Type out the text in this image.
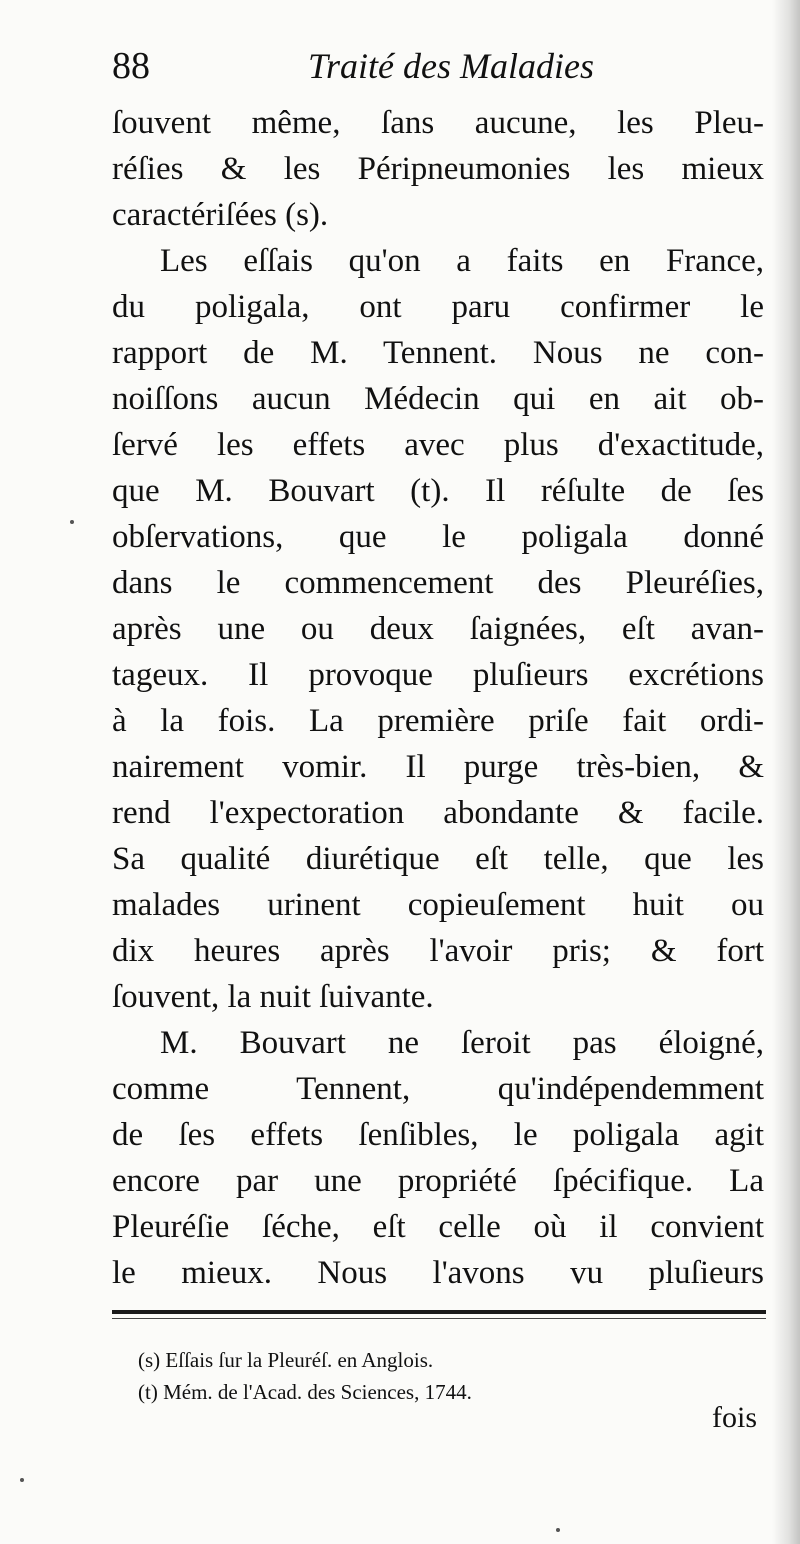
88	Traité des Maladies
ſouvent même, ſans aucune, les Pleu-
réſies & les Péripneumonies les mieux
caractériſées (s).
Les eſſais qu'on a faits en France,
du poligala, ont paru confirmer le
rapport de M. Tennent. Nous ne con-
noiſſons aucun Médecin qui en ait ob-
ſervé les effets avec plus d'exactitude,
que M. Bouvart (t). Il réſulte de ſes
obſervations, que le poligala donné
dans le commencement des Pleuréſies,
après une ou deux ſaignées, eſt avan-
tageux. Il provoque pluſieurs excrétions
à la fois. La première priſe fait ordi-
nairement vomir. Il purge très-bien, &
rend l'expectoration abondante & facile.
Sa qualité diurétique eſt telle, que les
malades urinent copieuſement huit ou
dix heures après l'avoir pris; & fort
ſouvent, la nuit ſuivante.
M. Bouvart ne ſeroit pas éloigné,
comme Tennent, qu'indépendemment
de ſes effets ſenſibles, le poligala agit
encore par une propriété ſpécifique. La
Pleuréſie ſéche, eſt celle où il convient
le mieux. Nous l'avons vu pluſieurs
(s) Eſſais ſur la Pleuréſ. en Anglois.
(t) Mém. de l'Acad. des Sciences, 1744.
fois
